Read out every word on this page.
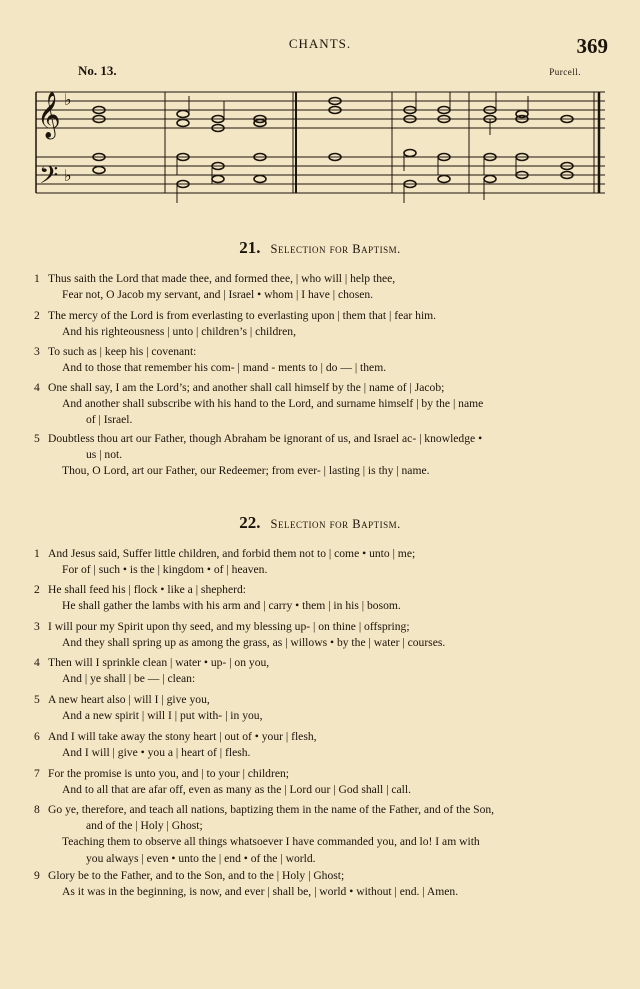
CHANTS.	369
No. 13.	Purcell.
𝄞
𝄢
♭
♭
21. Selection for Baptism.
1 Thus saith the Lord that made thee, and formed thee, | who will | help thee,
Fear not, O Jacob my servant, and | Israel • whom | I have | chosen.
2 The mercy of the Lord is from everlasting to everlasting upon | them that | fear him.
And his righteousness | unto | children’s | children,
3 To such as | keep his | covenant:
And to those that remember his com- | mand - ments to | do — | them.
4 One shall say, I am the Lord’s; and another shall call himself by the | name of | Jacob;
And another shall subscribe with his hand to the Lord, and surname himself | by the | name
of | Israel.
5 Doubtless thou art our Father, though Abraham be ignorant of us, and Israel ac- | knowledge •
us | not.
Thou, O Lord, art our Father, our Redeemer; from ever- | lasting | is thy | name.
22. Selection for Baptism.
1 And Jesus said, Suffer little children, and forbid them not to | come • unto | me;
For of | such • is the | kingdom • of | heaven.
2 He shall feed his | flock • like a | shepherd:
He shall gather the lambs with his arm and | carry • them | in his | bosom.
3 I will pour my Spirit upon thy seed, and my blessing up- | on thine | offspring;
And they shall spring up as among the grass, as | willows • by the | water | courses.
4 Then will I sprinkle clean | water • up- | on you,
And | ye shall | be — | clean:
5 A new heart also | will I | give you,
And a new spirit | will I | put with- | in you,
6 And I will take away the stony heart | out of • your | flesh,
And I will | give • you a | heart of | flesh.
7 For the promise is unto you, and | to your | children;
And to all that are afar off, even as many as the | Lord our | God shall | call.
8 Go ye, therefore, and teach all nations, baptizing them in the name of the Father, and of the Son,
and of the | Holy | Ghost;
Teaching them to observe all things whatsoever I have commanded you, and lo! I am with
you always | even • unto the | end • of the | world.
9 Glory be to the Father, and to the Son, and to the | Holy | Ghost;
As it was in the beginning, is now, and ever | shall be, | world • without | end. | Amen.
